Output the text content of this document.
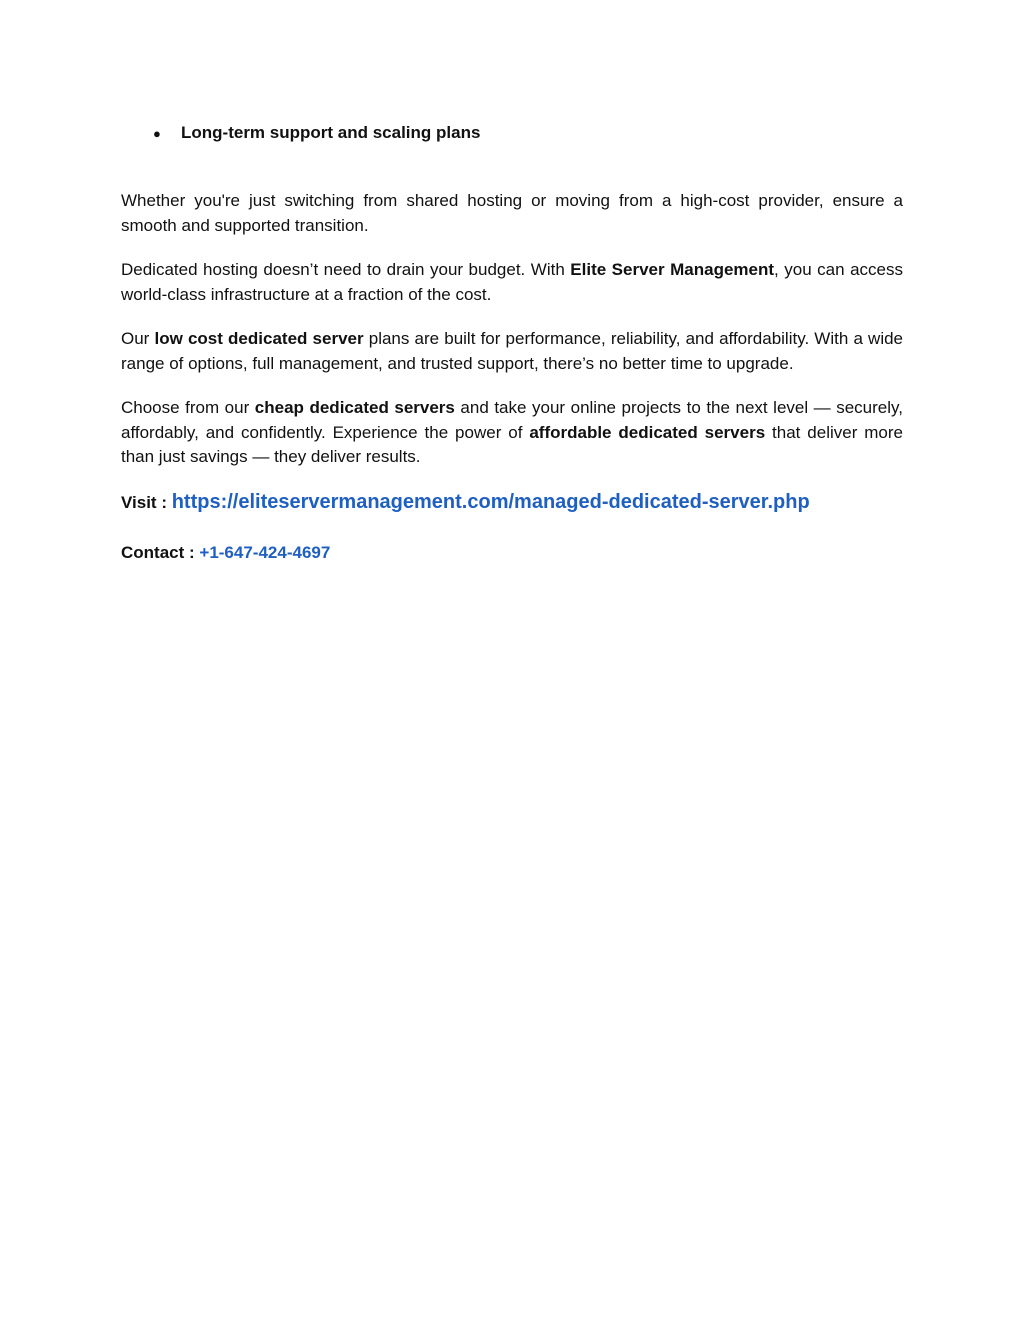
●	Long-term support and scaling plans

Whether you're just switching from shared hosting or moving from a high-cost provider, ensure a smooth and supported transition.

Dedicated hosting doesn’t need to drain your budget. With Elite Server Management, you can access world-class infrastructure at a fraction of the cost.

Our low cost dedicated server plans are built for performance, reliability, and affordability. With a wide range of options, full management, and trusted support, there’s no better time to upgrade.

Choose from our cheap dedicated servers and take your online projects to the next level — securely, affordably, and confidently. Experience the power of affordable dedicated servers that deliver more than just savings — they deliver results.

Visit : https://eliteservermanagement.com/managed-dedicated-server.php

Contact : +1-647-424-4697
